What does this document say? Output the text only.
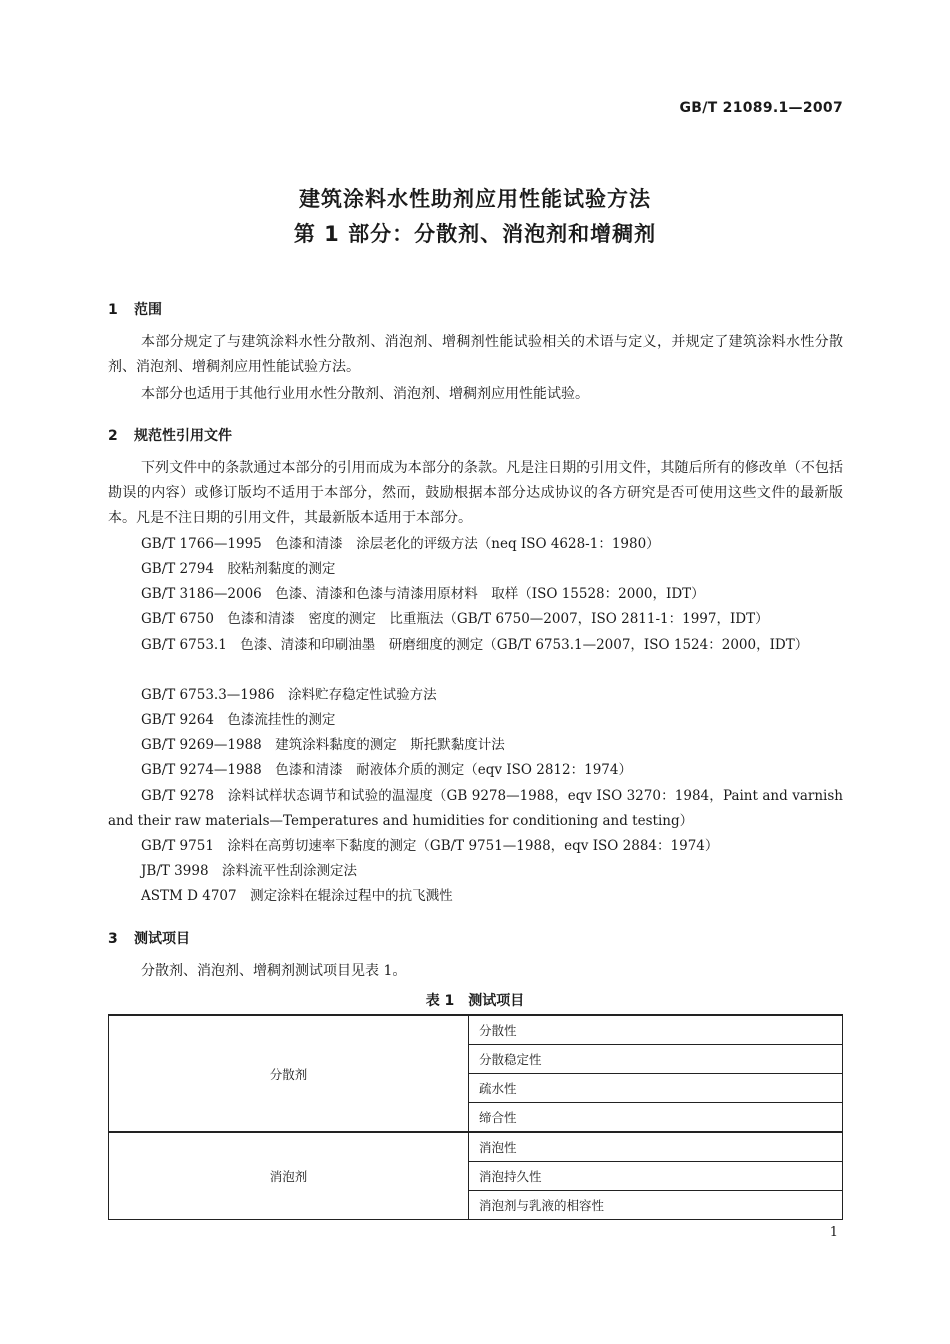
GB/T 21089.1—2007
建筑涂料水性助剂应用性能试验方法
第 1 部分：分散剂、消泡剂和增稠剂
1 范围

本部分规定了与建筑涂料水性分散剂、消泡剂、增稠剂性能试验相关的术语与定义，并规定了建筑涂料水性分散剂、消泡剂、增稠剂应用性能试验方法。

本部分也适用于其他行业用水性分散剂、消泡剂、增稠剂应用性能试验。

2 规范性引用文件

下列文件中的条款通过本部分的引用而成为本部分的条款。凡是注日期的引用文件，其随后所有的修改单（不包括勘误的内容）或修订版均不适用于本部分，然而，鼓励根据本部分达成协议的各方研究是否可使用这些文件的最新版本。凡是不注日期的引用文件，其最新版本适用于本部分。

GB/T 1766—1995　色漆和清漆　涂层老化的评级方法（neq ISO 4628-1：1980）

GB/T 2794　胶粘剂黏度的测定

GB/T 3186—2006　色漆、清漆和色漆与清漆用原材料　取样（ISO 15528：2000，IDT）

GB/T 6750　色漆和清漆　密度的测定　比重瓶法（GB/T 6750—2007，ISO 2811-1：1997，IDT）

GB/T 6753.1　色漆、清漆和印刷油墨　研磨细度的测定（GB/T 6753.1—2007，ISO 1524：2000，IDT）

GB/T 6753.3—1986　涂料贮存稳定性试验方法

GB/T 9264　色漆流挂性的测定

GB/T 9269—1988　建筑涂料黏度的测定　斯托默黏度计法

GB/T 9274—1988　色漆和清漆　耐液体介质的测定（eqv ISO 2812：1974）

GB/T 9278　涂料试样状态调节和试验的温湿度（GB 9278—1988，eqv ISO 3270：1984，Paint and varnish and their raw materials—Temperatures and humidities for conditioning and testing）

GB/T 9751　涂料在高剪切速率下黏度的测定（GB/T 9751—1988，eqv ISO 2884：1974）

JB/T 3998　涂料流平性刮涂测定法

ASTM D 4707　测定涂料在辊涂过程中的抗飞溅性

3 测试项目

分散剂、消泡剂、增稠剂测试项目见表 1。

表 1　测试项目
分散剂	分散性
	分散稳定性
	疏水性
	缔合性
消泡剂	消泡性
	消泡持久性
	消泡剂与乳液的相容性
1
